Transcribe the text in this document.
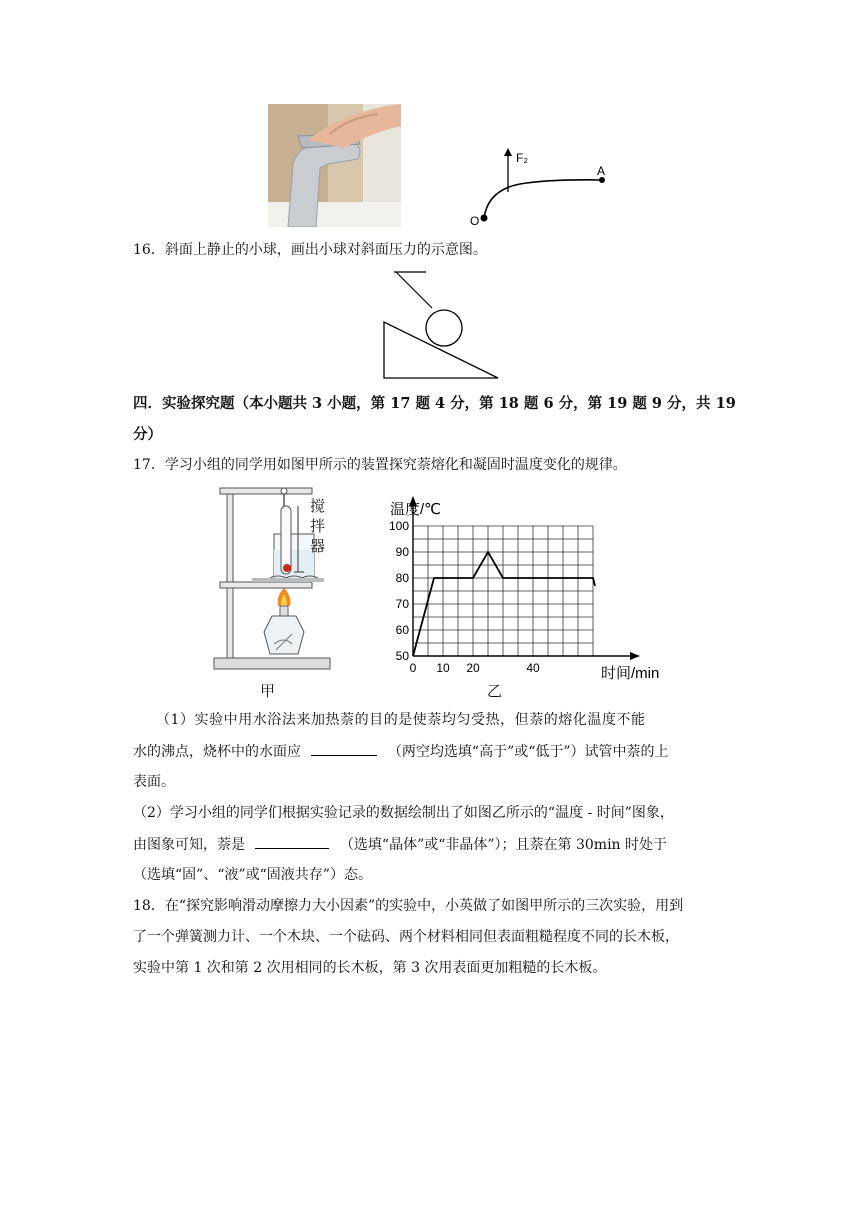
F₂
A
O
16．斜面上静止的小球，画出小球对斜面压力的示意图。
四．实验探究题（本小题共 3 小题，第 17 题 4 分，第 18 题 6 分，第 19 题 9 分，共 19
分）
17．学习小组的同学用如图甲所示的装置探究萘熔化和凝固时温度变化的规律。
搅
拌
器
甲
50
60
70
80
90
100
0 10 20	40
温度/℃
时间/min
乙
（1）实验中用水浴法来加热萘的目的是使萘均匀受热，但萘的熔化温度不能
水的沸点，烧杯中的水面应	（两空均选填“高于”或“低于”）试管中萘的上
表面。
（2）学习小组的同学们根据实验记录的数据绘制出了如图乙所示的“温度 - 时间”图象，
由图象可知，萘是	（选填“晶体”或“非晶体”）；且萘在第 30min 时处于
（选填“固”、“液”或“固液共存”）态。
18．在“探究影响滑动摩擦力大小因素”的实验中，小英做了如图甲所示的三次实验，用到
了一个弹簧测力计、一个木块、一个砝码、两个材料相同但表面粗糙程度不同的长木板，
实验中第 1 次和第 2 次用相同的长木板，第 3 次用表面更加粗糙的长木板。
